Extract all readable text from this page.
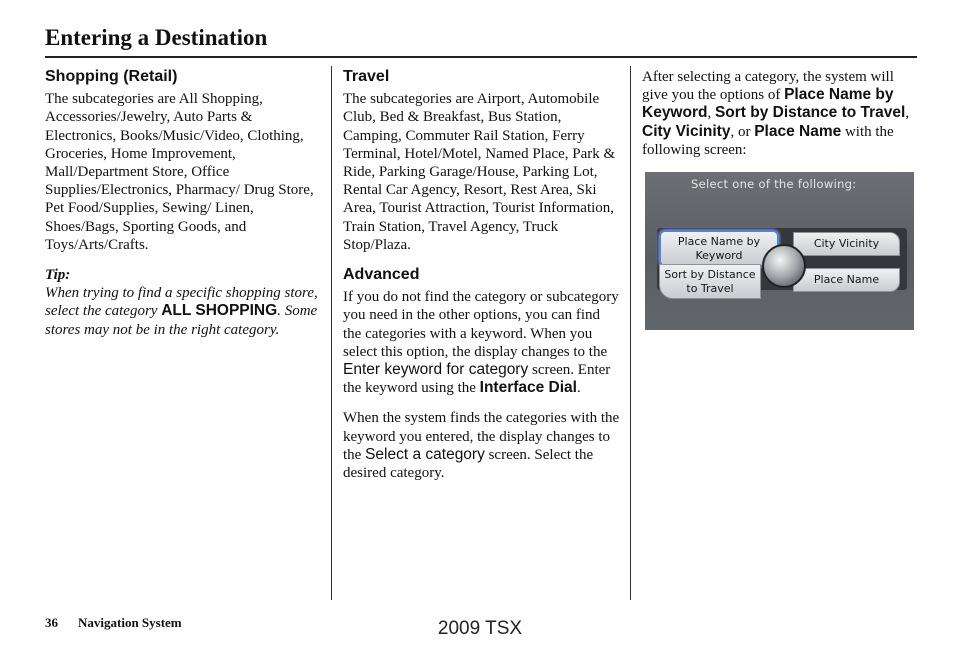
Entering a Destination
Shopping (Retail)

The subcategories are All Shopping, Accessories/Jewelry, Auto Parts & Electronics, Books/Music/Video, Clothing, Groceries, Home Improvement, Mall/Department Store, Office Supplies/Electronics, Pharmacy/ Drug Store, Pet Food/Supplies, Sewing/ Linen, Shoes/Bags, Sporting Goods, and Toys/Arts/Crafts.

Tip:

When trying to find a specific shopping store, select the category ALL SHOPPING. Some stores may not be in the right category.

Travel

The subcategories are Airport, Automobile Club, Bed & Breakfast, Bus Station, Camping, Commuter Rail Station, Ferry Terminal, Hotel/Motel, Named Place, Park & Ride, Parking Garage/House, Parking Lot, Rental Car Agency, Resort, Rest Area, Ski Area, Tourist Attraction, Tourist Information, Train Station, Travel Agency, Truck Stop/Plaza.

Advanced

If you do not find the category or subcategory you need in the other options, you can find the categories with a keyword. When you select this option, the display changes to the Enter keyword for category screen. Enter the keyword using the Interface Dial.

When the system finds the categories with the keyword you entered, the display changes to the Select a category screen. Select the desired category.

After selecting a category, the system will give you the options of Place Name by Keyword, Sort by Distance to Travel, City Vicinity, or Place Name with the following screen:

Select one of the following:
Place Name by
Keyword
Sort by Distance
to Travel
City Vicinity
Place Name
36 Navigation System	2009 TSX
